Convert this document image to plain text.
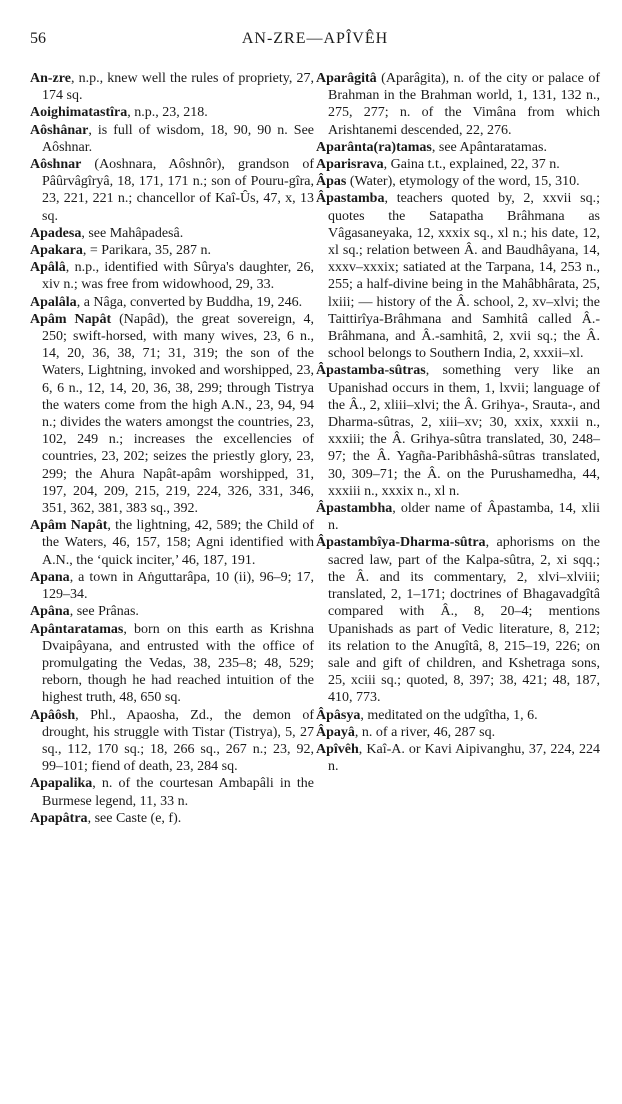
56	AN-ZRE—APÎVÊH

An-zre, n.p., knew well the rules of propriety, 27, 174 sq.

Aoighimatastîra, n.p., 23, 218.

Aôshânar, is full of wisdom, 18, 90, 90 n. See Aôshnar.

Aôshnar (Aoshnara, Aôshnôr), grandson of Pâûrvâgîryâ, 18, 171, 171 n.; son of Pouru-gîra, 23, 221, 221 n.; chancellor of Kaî-Ûs, 47, x, 13 sq.

Apadesa, see Mahâpadesâ.

Apakara, = Parikara, 35, 287 n.

Apâlâ, n.p., identified with Sûrya's daughter, 26, xiv n.; was free from widowhood, 29, 33.

Apalâla, a Nâga, converted by Buddha, 19, 246.

Apâm Napât (Napâd), the great sovereign, 4, 250; swift-horsed, with many wives, 23, 6 n., 14, 20, 36, 38, 71; 31, 319; the son of the Waters, Lightning, invoked and worshipped, 23, 6, 6 n., 12, 14, 20, 36, 38, 299; through Tistrya the waters come from the high A.N., 23, 94, 94 n.; divides the waters amongst the countries, 23, 102, 249 n.; increases the excellencies of countries, 23, 202; seizes the priestly glory, 23, 299; the Ahura Napât-apâm worshipped, 31, 197, 204, 209, 215, 219, 224, 326, 331, 346, 351, 362, 381, 383 sq., 392.

Apâm Napât, the lightning, 42, 589; the Child of the Waters, 46, 157, 158; Agni identified with A.N., the ‘quick inciter,’ 46, 187, 191.

Apana, a town in Aṅguttarâpa, 10 (ii), 96–9; 17, 129–34.

Apâna, see Prânas.

Apântaratamas, born on this earth as Krishna Dvaipâyana, and entrusted with the office of promulgating the Vedas, 38, 235–8; 48, 529; reborn, though he had reached intuition of the highest truth, 48, 650 sq.

Apâôsh, Phl., Apaosha, Zd., the demon of drought, his struggle with Tistar (Tistrya), 5, 27 sq., 112, 170 sq.; 18, 266 sq., 267 n.; 23, 92, 99–101; fiend of death, 23, 284 sq.

Apapalika, n. of the courtesan Ambapâli in the Burmese legend, 11, 33 n.

Apapâtra, see Caste (e, f).

Aparâgitâ (Aparâgita), n. of the city or palace of Brahman in the Brahman world, 1, 131, 132 n., 275, 277; n. of the Vimâna from which Arishtanemi descended, 22, 276.

Aparânta(ra)tamas, see Apântaratamas.

Aparisrava, Gaina t.t., explained, 22, 37 n.

Âpas (Water), etymology of the word, 15, 310.

Âpastamba, teachers quoted by, 2, xxvii sq.; quotes the Satapatha Brâhmana as Vâgasaneyaka, 12, xxxix sq., xl n.; his date, 12, xl sq.; relation between Â. and Baudhâyana, 14, xxxv–xxxix; satiated at the Tarpana, 14, 253 n., 255; a half-divine being in the Mahâbhârata, 25, lxiii; — history of the Â. school, 2, xv–xlvi; the Taittirîya-Brâhmana and Samhitâ called Â.-Brâhmana, and Â.-samhitâ, 2, xvii sq.; the Â. school belongs to Southern India, 2, xxxii–xl.

Âpastamba-sûtras, something very like an Upanishad occurs in them, 1, lxvii; language of the Â., 2, xliii–xlvi; the Â. Grihya-, Srauta-, and Dharma-sûtras, 2, xiii–xv; 30, xxix, xxxii n., xxxiii; the Â. Grihya-sûtra translated, 30, 248–97; the Â. Yagña-Paribhâshâ-sûtras translated, 30, 309–71; the Â. on the Purushamedha, 44, xxxiii n., xxxix n., xl n.

Âpastambha, older name of Âpastamba, 14, xlii n.

Âpastambîya-Dharma-sûtra, aphorisms on the sacred law, part of the Kalpa-sûtra, 2, xi sqq.; the Â. and its commentary, 2, xlvi–xlviii; translated, 2, 1–171; doctrines of Bhagavadgîtâ compared with Â., 8, 20–4; mentions Upanishads as part of Vedic literature, 8, 212; its relation to the Anugîtâ, 8, 215–19, 226; on sale and gift of children, and Kshetraga sons, 25, xciii sq.; quoted, 8, 397; 38, 421; 48, 187, 410, 773.

Âpâsya, meditated on the udgîtha, 1, 6.

Âpayâ, n. of a river, 46, 287 sq.

Apîvêh, Kaî-A. or Kavi Aipivanghu, 37, 224, 224 n.
